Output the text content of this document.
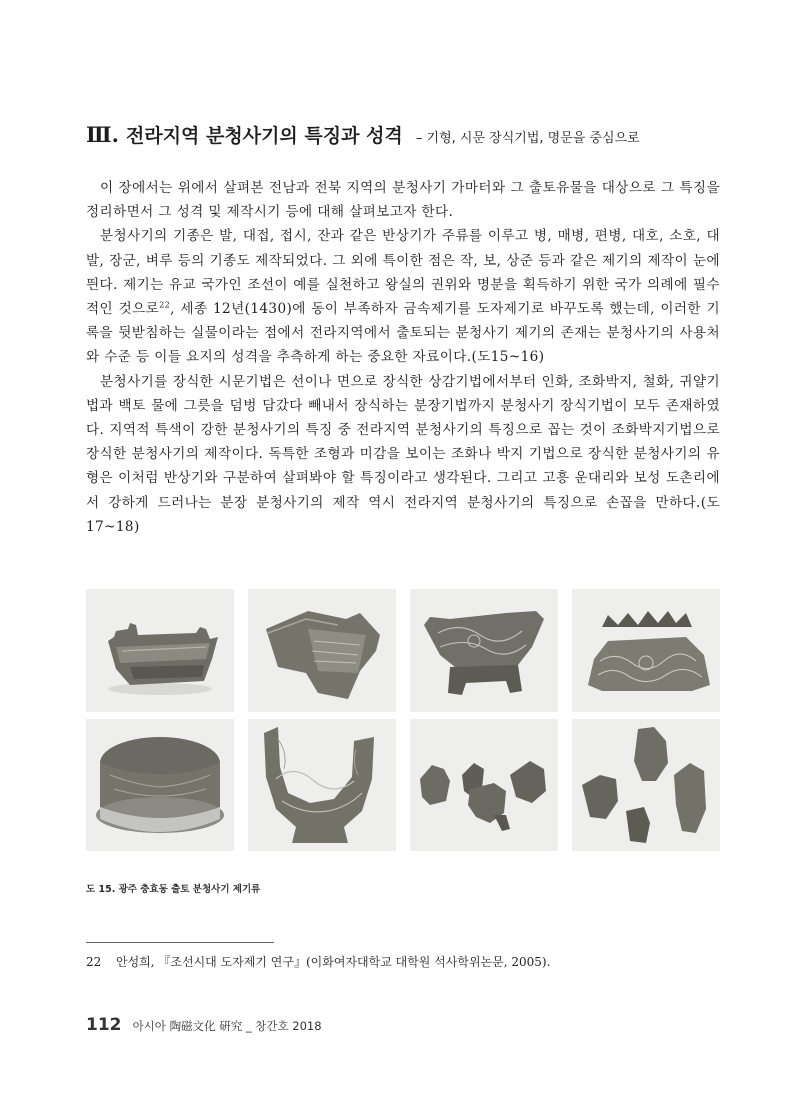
Ⅲ. 전라지역 분청사기의 특징과 성격 – 기형, 시문 장식기법, 명문을 중심으로

이 장에서는 위에서 살펴본 전남과 전북 지역의 분청사기 가마터와 그 출토유물을 대상으로 그 특징을 정리하면서 그 성격 및 제작시기 등에 대해 살펴보고자 한다.

분청사기의 기종은 발, 대접, 접시, 잔과 같은 반상기가 주류를 이루고 병, 매병, 편병, 대호, 소호, 대발, 장군, 벼루 등의 기종도 제작되었다. 그 외에 특이한 점은 작, 보, 상준 등과 같은 제기의 제작이 눈에 띈다. 제기는 유교 국가인 조선이 예를 실천하고 왕실의 권위와 명분을 획득하기 위한 국가 의례에 필수적인 것으로$^{22}$, 세종 12년(1430)에 동이 부족하자 금속제기를 도자제기로 바꾸도록 했는데, 이러한 기록을 뒷받침하는 실물이라는 점에서 전라지역에서 출토되는 분청사기 제기의 존재는 분청사기의 사용처와 수준 등 이들 요지의 성격을 추측하게 하는 중요한 자료이다.(도15~16)

분청사기를 장식한 시문기법은 선이나 면으로 장식한 상감기법에서부터 인화, 조화박지, 철화, 귀얄기법과 백토 물에 그릇을 덤벙 담갔다 빼내서 장식하는 분장기법까지 분청사기 장식기법이 모두 존재하였다. 지역적 특색이 강한 분청사기의 특징 중 전라지역 분청사기의 특징으로 꼽는 것이 조화박지기법으로 장식한 분청사기의 제작이다. 독특한 조형과 미감을 보이는 조화나 박지 기법으로 장식한 분청사기의 유형은 이처럼 반상기와 구분하여 살펴봐야 할 특징이라고 생각된다. 그리고 고흥 운대리와 보성 도촌리에서 강하게 드러나는 분장 분청사기의 제작 역시 전라지역 분청사기의 특징으로 손꼽을 만하다.(도17~18)

도 15. 광주 충효동 출토 분청사기 제기류
22 안성희, 『조선시대 도자제기 연구』(이화여자대학교 대학원 석사학위논문, 2005).
112 아시아 陶磁文化 硏究 _ 창간호 2018
